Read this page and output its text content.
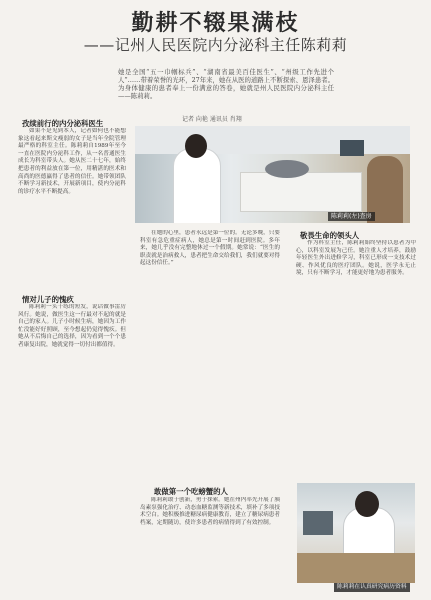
勤耕不辍果满枝
——记州人民医院内分泌科主任陈莉莉
她是全国“五一巾帼标兵”、“湖南省最美百佳医生”、“州级工作先进个人”……带着荣誉的光环，27年来，她在从医的道路上不断探索、恩泽患者。为身体健康的患者奉上一份满意的答卷，她就是州人民医院内分泌科主任——陈莉莉。
记者 向艳 通讯员 肖翔
陈莉莉(左)查房
孜续前行的内分泌科医生

如果不是见到本人，记者如何也不能想象这看起来斯文瘦弱的女子是当年全院管理最严格的科室主任。陈莉莉自1989年至今一直在医院内分泌科工作，从一名普通医生成长为科室带头人。她从医二十七年，始终把患者的利益放在第一位，用精湛的医术和高尚的医德赢得了患者的信任。她带领团队不断学习新技术，开展新项目，使内分泌科的诊疗水平不断提高。

情对儿子的愧疚

陈莉莉一头干练的短发，说话做事雷厉风行。她说，做医生这一行最对不起的就是自己的家人。儿子小时候生病，她因为工作忙没能好好照顾，至今想起仍觉得愧疚。但她从不后悔自己的选择，因为看到一个个患者康复出院，她就觉得一切付出都值得。

在她的心里，患者永远是第一位的。无论多晚，只要科室有急危重症病人，她总是第一时间赶到医院。多年来，她几乎没有完整地休过一个假期。她常说：“医生的职责就是治病救人，患者把生命交给我们，我们就要对得起这份信任。”

敢做第一个吃螃蟹的人

陈莉莉敢于创新，勇于探索。她在州内率先开展了胰岛素泵强化治疗、动态血糖监测等新技术，填补了多项技术空白。她积极推进糖尿病健康教育，建立了糖尿病患者档案，定期随访，使许多患者的病情得到了有效控制。

敬畏生命的领头人

作为科室主任，陈莉莉始终坚持以患者为中心，以科室发展为己任。她注重人才培养，鼓励年轻医生外出进修学习，科室已形成一支技术过硬、作风优良的医疗团队。她说，医学永无止境，只有不断学习，才能更好地为患者服务。

陈莉莉在认真研究病历资料
